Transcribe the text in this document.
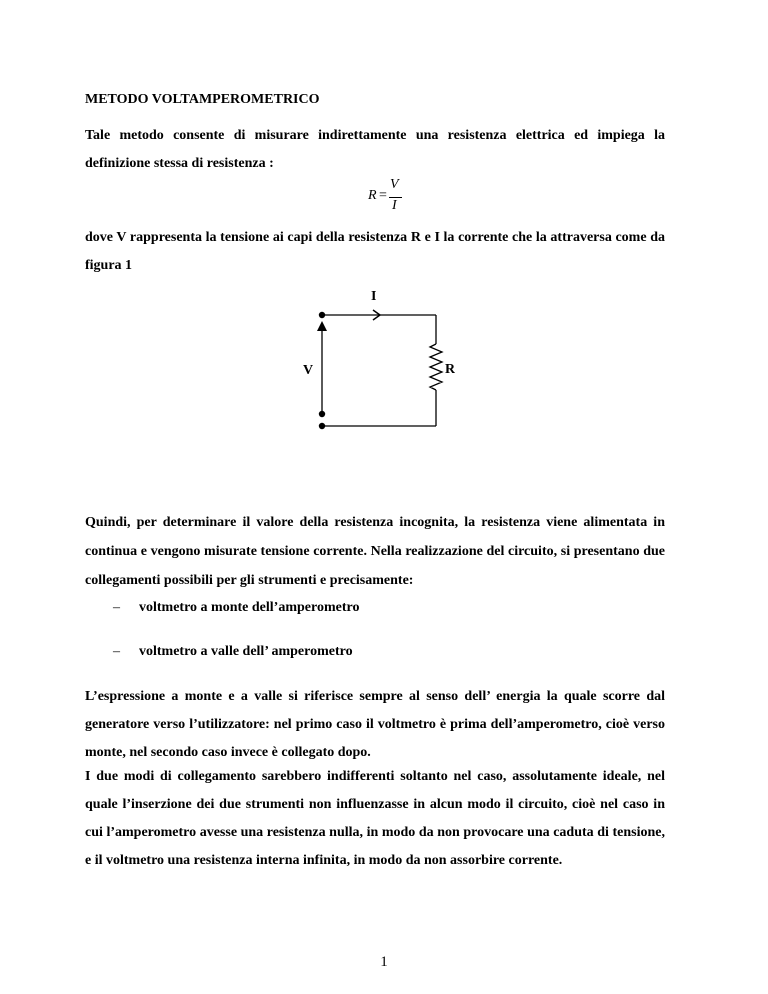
METODO VOLTAMPEROMETRICO
Tale metodo consente di misurare indirettamente una resistenza elettrica ed impiega la definizione stessa di resistenza :
R =
V
I
dove V rappresenta la tensione ai capi della resistenza R e I la corrente che la attraversa come da figura 1
Quindi, per determinare il valore della resistenza incognita, la resistenza viene alimentata in continua e vengono misurate tensione corrente. Nella realizzazione del circuito, si presentano due collegamenti possibili per gli strumenti e precisamente:
– voltmetro a monte dell’amperometro
– voltmetro a valle dell’ amperometro
L’espressione a monte e a valle si riferisce sempre al senso dell’ energia la quale scorre dal generatore verso l’utilizzatore: nel primo caso il voltmetro è prima dell’amperometro, cioè verso monte, nel secondo caso invece è collegato dopo.
I due modi di collegamento sarebbero indifferenti soltanto nel caso, assolutamente ideale, nel quale l’inserzione dei due strumenti non influenzasse in alcun modo il circuito, cioè nel caso in cui l’amperometro avesse una resistenza nulla, in modo da non provocare una caduta di tensione, e il voltmetro una resistenza interna infinita, in modo da non assorbire corrente.
I
V	R
1
